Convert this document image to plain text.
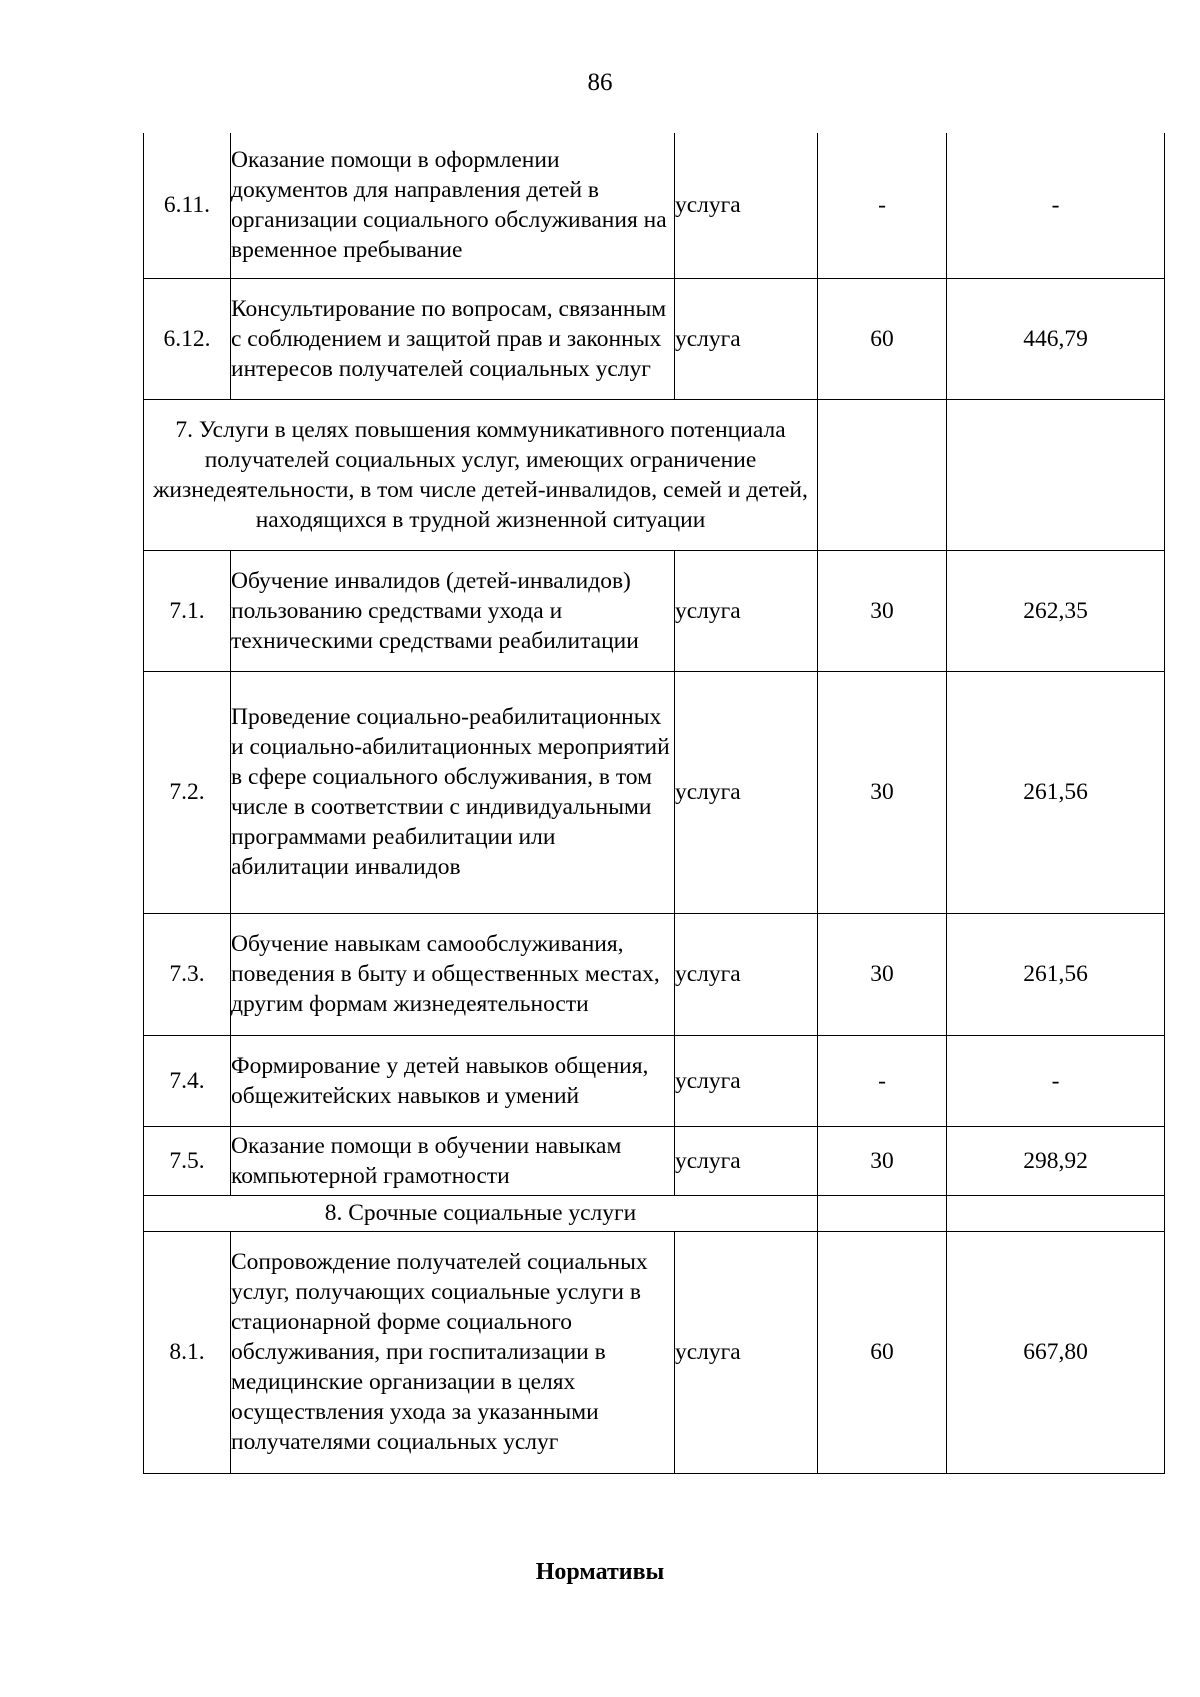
86
6.11.	Оказание помощи в оформлении документов для направления детей в организации социального обслуживания на временное пребывание	услуга	-	-
6.12.	Консультирование по вопросам, связанным с соблюдением и защитой прав и законных интересов получателей социальных услуг	услуга	60	446,79
7. Услуги в целях повышения коммуникативного потенциала получателей социальных услуг, имеющих ограничение жизнедеятельности, в том числе детей-инвалидов, семей и детей, находящихся в трудной жизненной ситуации				
7.1.	Обучение инвалидов (детей-инвалидов) пользованию средствами ухода и техническими средствами реабилитации	услуга	30	262,35
7.2.	Проведение социально-реабилитационных и социально-абилитационных мероприятий в сфере социального обслуживания, в том числе в соответствии с индивидуальными программами реабилитации или абилитации инвалидов	услуга	30	261,56
7.3.	Обучение навыкам самообслуживания, поведения в быту и общественных местах, другим формам жизнедеятельности	услуга	30	261,56
7.4.	Формирование у детей навыков общения, общежитейских навыков и умений	услуга	-	-
7.5.	Оказание помощи в обучении навыкам компьютерной грамотности	услуга	30	298,92
8. Срочные социальные услуги				
8.1.	Сопровождение получателей социальных услуг, получающих социальные услуги в стационарной форме социального обслуживания, при госпитализации в медицинские организации в целях осуществления ухода за указанными получателями социальных услуг	услуга	60	667,80
Нормативы
